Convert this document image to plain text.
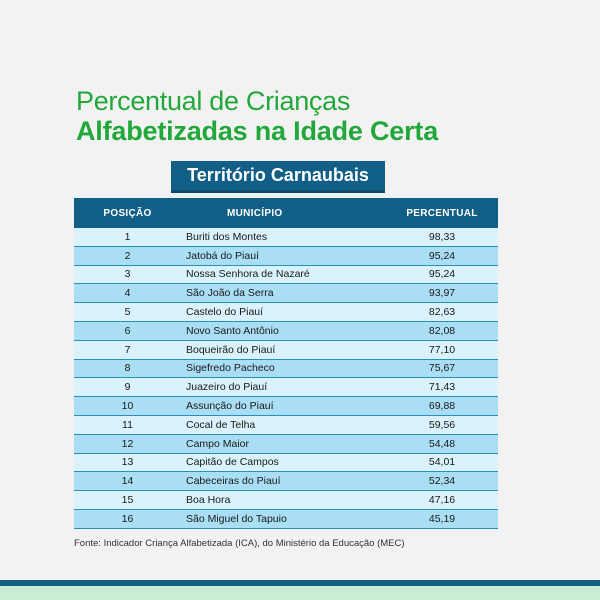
Percentual de Crianças
Alfabetizadas na Idade Certa
Território Carnaubais
POSIÇÃO	MUNICÍPIO	PERCENTUAL
1	Buriti dos Montes	98,33
2	Jatobá do Piauí	95,24
3	Nossa Senhora de Nazaré	95,24
4	São João da Serra	93,97
5	Castelo do Piauí	82,63
6	Novo Santo Antônio	82,08
7	Boqueirão do Piauí	77,10
8	Sigefredo Pacheco	75,67
9	Juazeiro do Piauí	71,43
10	Assunção do Piauí	69,88
11	Cocal de Telha	59,56
12	Campo Maior	54,48
13	Capitão de Campos	54,01
14	Cabeceiras do Piauí	52,34
15	Boa Hora	47,16
16	São Miguel do Tapuio	45,19
Fonte: Indicador Criança Alfabetizada (ICA), do Ministério da Educação (MEC)
